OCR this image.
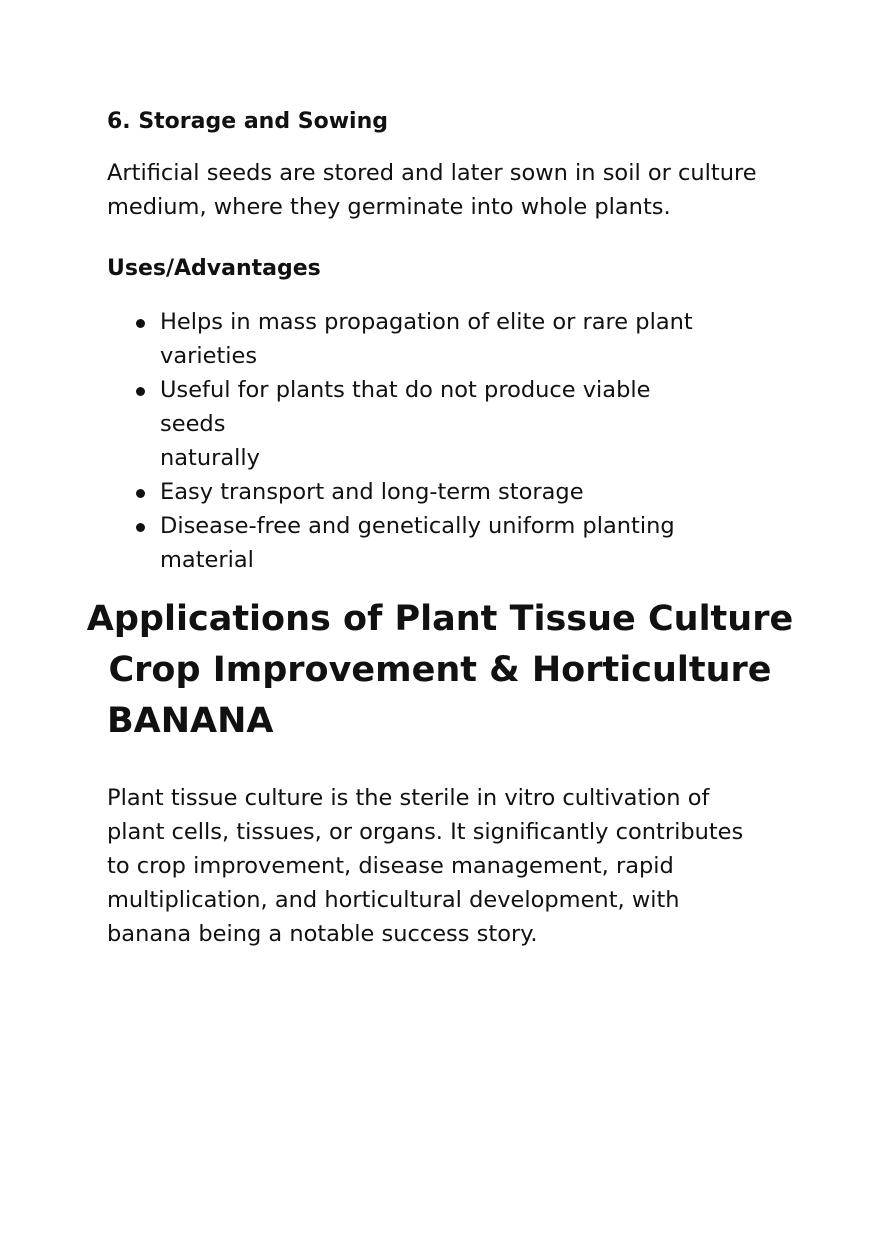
6. Storage and Sowing

Artificial seeds are stored and later sown in soil or culture
medium, where they germinate into whole plants.

Uses/Advantages
Helps in mass propagation of elite or rare plant
varieties
Useful for plants that do not produce viable seeds
naturally
Easy transport and long-term storage
Disease-free and genetically uniform planting
material
Applications of Plant Tissue Culture
Crop Improvement & Horticulture
BANANA

Plant tissue culture is the sterile in vitro cultivation of
plant cells, tissues, or organs. It significantly contributes
to crop improvement, disease management, rapid
multiplication, and horticultural development, with
banana being a notable success story.
